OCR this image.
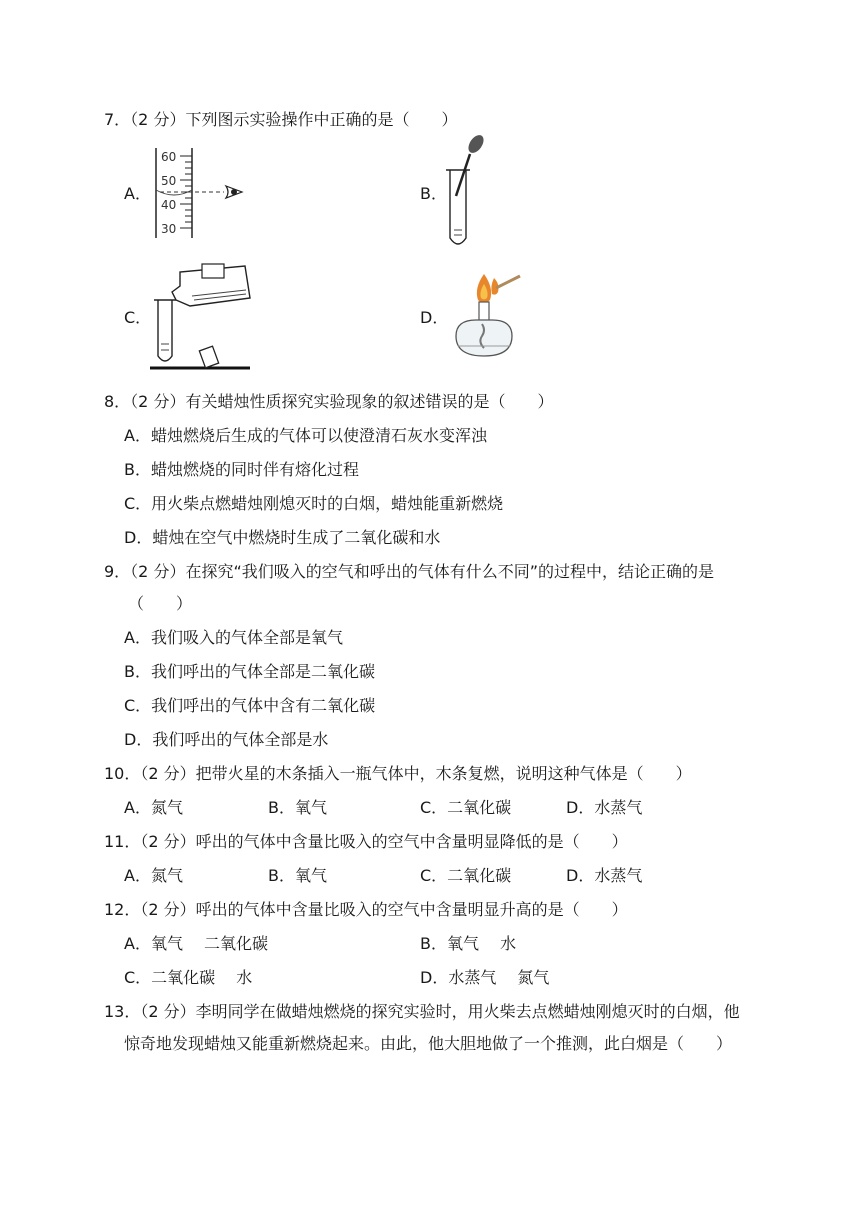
7．（2 分）下列图示实验操作中正确的是（　　）
A．
60
50
40
30
B．
C．	D．
8．（2 分）有关蜡烛性质探究实验现象的叙述错误的是（　　）
A．蜡烛燃烧后生成的气体可以使澄清石灰水变浑浊
B．蜡烛燃烧的同时伴有熔化过程
C．用火柴点燃蜡烛刚熄灭时的白烟，蜡烛能重新燃烧
D．蜡烛在空气中燃烧时生成了二氧化碳和水
9．（2 分）在探究“我们吸入的空气和呼出的气体有什么不同”的过程中，结论正确的是
（　　）
A．我们吸入的气体全部是氧气
B．我们呼出的气体全部是二氧化碳
C．我们呼出的气体中含有二氧化碳
D．我们呼出的气体全部是水
10．（2 分）把带火星的木条插入一瓶气体中，木条复燃，说明这种气体是（　　）
A．氮气	B．氧气	C．二氧化碳	D．水蒸气
11．（2 分）呼出的气体中含量比吸入的空气中含量明显降低的是（　　）
A．氮气	B．氧气	C．二氧化碳	D．水蒸气
12．（2 分）呼出的气体中含量比吸入的空气中含量明显升高的是（　　）
A．氧气　 二氧化碳	B．氧气　 水
C．二氧化碳　 水	D．水蒸气　 氮气
13．（2 分）李明同学在做蜡烛燃烧的探究实验时，用火柴去点燃蜡烛刚熄灭时的白烟，他
惊奇地发现蜡烛又能重新燃烧起来。由此，他大胆地做了一个推测，此白烟是（　　）
